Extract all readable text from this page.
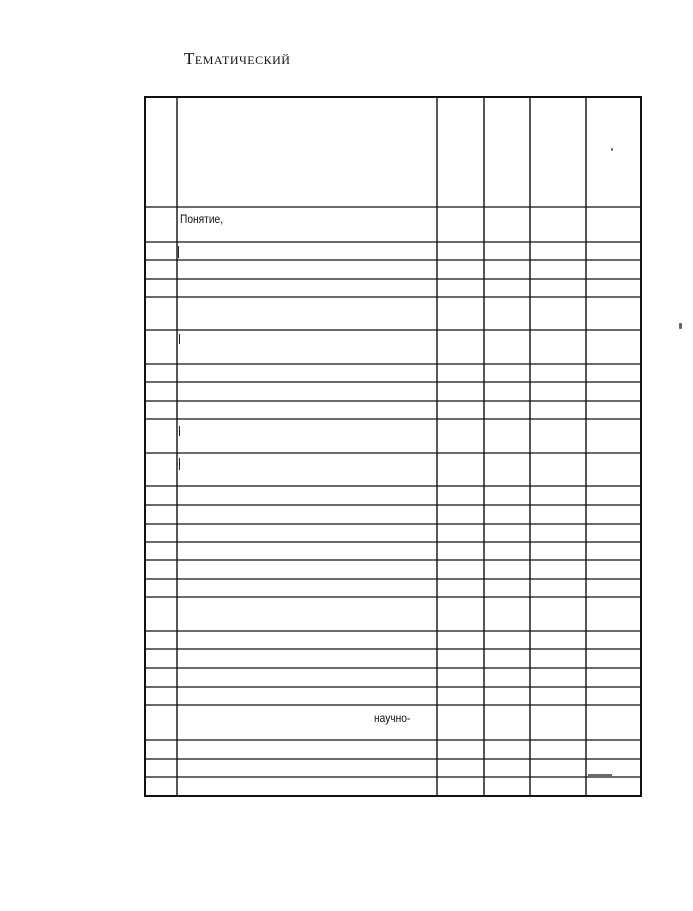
Тематический
Понятие,
научно-
